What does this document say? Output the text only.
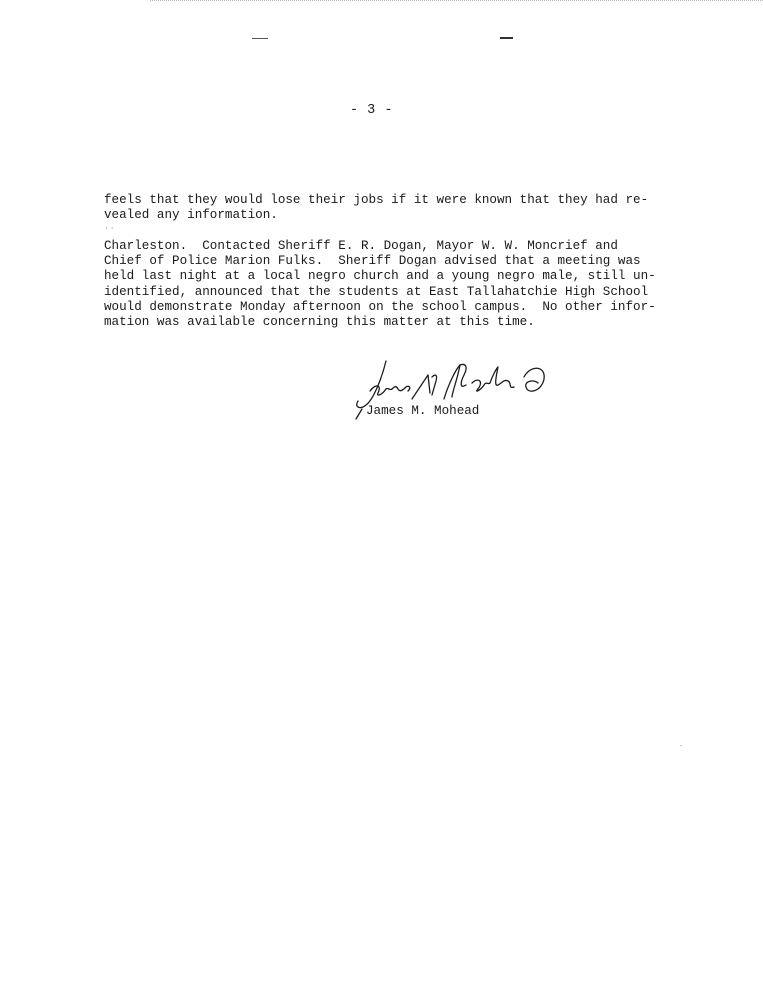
- 3 -

feels that they would lose their jobs if it were known that they had re-
vealed any information.

··

Charleston.  Contacted Sheriff E. R. Dogan, Mayor W. W. Moncrief and
Chief of Police Marion Fulks.  Sheriff Dogan advised that a meeting was
held last night at a local negro church and a young negro male, still un-
identified, announced that the students at East Tallahatchie High School
would demonstrate Monday afternoon on the school campus.  No other infor-
mation was available concerning this matter at this time.

James M. Mohead
